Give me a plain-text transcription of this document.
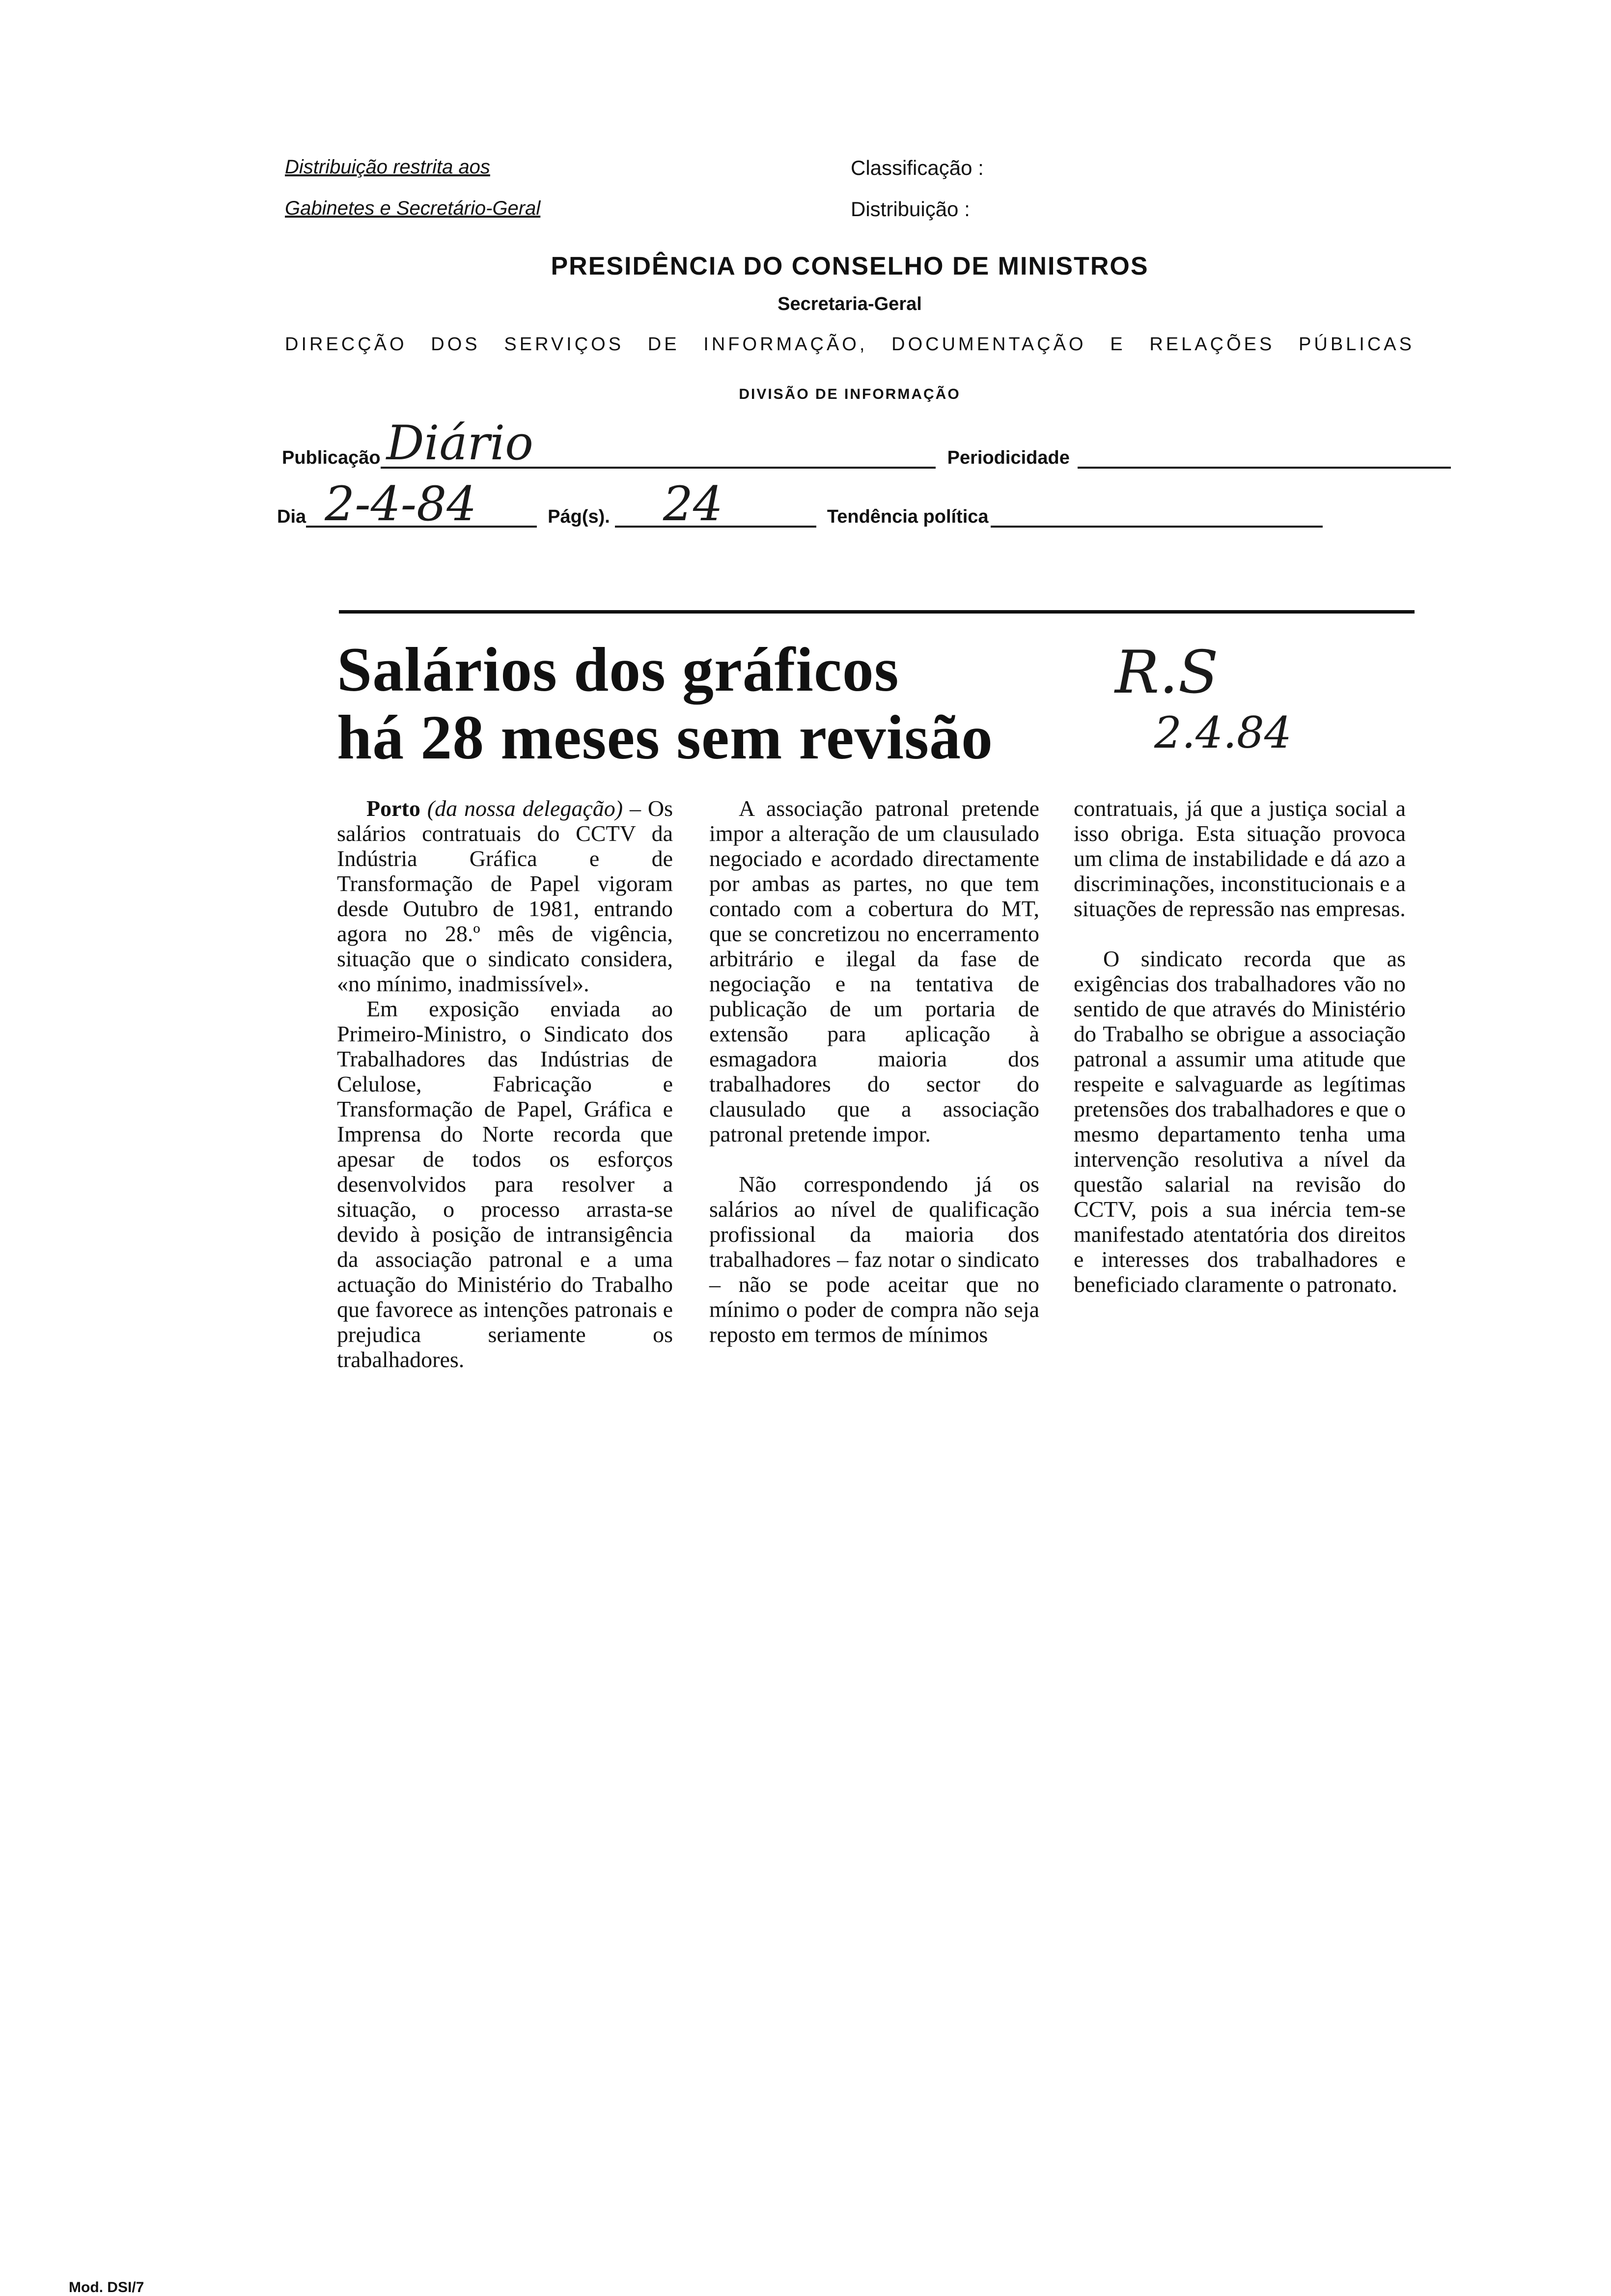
Distribuição restrita aos
Gabinetes e Secretário-Geral
Classificação :
Distribuição :
PRESIDÊNCIA DO CONSELHO DE MINISTROS
Secretaria-Geral
DIRECÇÃO DOS SERVIÇOS DE INFORMAÇÃO, DOCUMENTAÇÃO E RELAÇÕES PÚBLICAS
DIVISÃO DE INFORMAÇÃO
Publicação Diário	Periodicidade
Dia 2-4-84	Pág(s). 24	Tendência política
Salários dos gráficos
há 28 meses sem revisão
R.S
2.4.84

Porto (da nossa delegação) – Os salários contratuais do CCTV da Indústria Gráfica e de Transformação de Papel vigoram desde Outubro de 1981, entrando agora no 28.º mês de vigência, situação que o sindicato considera, «no mínimo, inadmissível».

Em exposição enviada ao Primeiro-Ministro, o Sindicato dos Trabalhadores das Indústrias de Celulose, Fabricação e Transformação de Papel, Gráfica e Imprensa do Norte recorda que apesar de todos os esforços desenvolvidos para resolver a situação, o processo arrasta-se devido à posição de intransigência da associação patronal e a uma actuação do Ministério do Trabalho que favorece as intenções patronais e prejudica seriamente os trabalhadores.

A associação patronal pretende impor a alteração de um clausulado negociado e acordado directamente por ambas as partes, no que tem contado com a cobertura do MT, que se concretizou no encerramento arbitrário e ilegal da fase de negociação e na tentativa de publicação de um portaria de extensão para aplicação à esmagadora maioria dos trabalhadores do sector do clausulado que a associação patronal pretende impor.

Não correspondendo já os salários ao nível de qualificação profissional da maioria dos trabalhadores – faz notar o sindicato – não se pode aceitar que no mínimo o poder de compra não seja reposto em termos de mínimos

contratuais, já que a justiça social a isso obriga. Esta situação provoca um clima de instabilidade e dá azo a discriminações, inconstitucionais e a situações de repressão nas empresas.

O sindicato recorda que as exigências dos trabalhadores vão no sentido de que através do Ministério do Trabalho se obrigue a associação patronal a assumir uma atitude que respeite e salvaguarde as legítimas pretensões dos trabalhadores e que o mesmo departamento tenha uma intervenção resolutiva a nível da questão salarial na revisão do CCTV, pois a sua inércia tem-se manifestado atentatória dos direitos e interesses dos trabalhadores e beneficiado claramente o patronato.

Mod. DSI/7
